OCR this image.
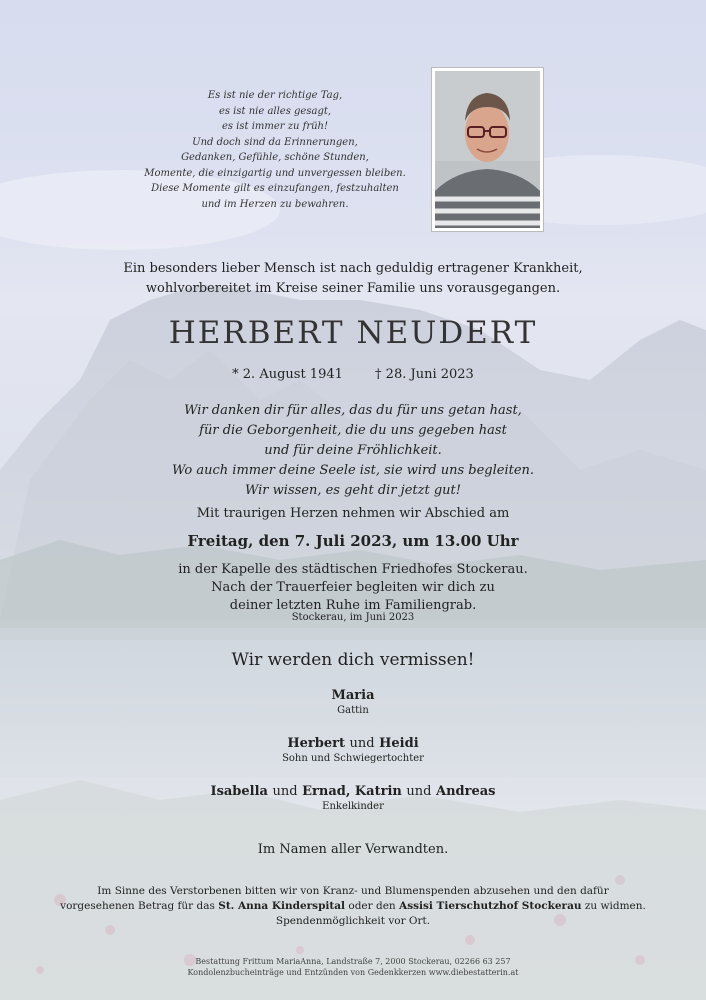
Es ist nie der richtige Tag,
es ist nie alles gesagt,
es ist immer zu früh!
Und doch sind da Erinnerungen,
Gedanken, Gefühle, schöne Stunden,
Momente, die einzigartig und unvergessen bleiben.
Diese Momente gilt es einzufangen, festzuhalten
und im Herzen zu bewahren.
Ein besonders lieber Mensch ist nach geduldig ertragener Krankheit,
wohlvorbereitet im Kreise seiner Familie uns vorausgegangen.
HERBERT NEUDERT
* 2. August 1941 † 28. Juni 2023
Wir danken dir für alles, das du für uns getan hast,
für die Geborgenheit, die du uns gegeben hast
und für deine Fröhlichkeit.
Wo auch immer deine Seele ist, sie wird uns begleiten.
Wir wissen, es geht dir jetzt gut!
Mit traurigen Herzen nehmen wir Abschied am
Freitag, den 7. Juli 2023, um 13.00 Uhr
in der Kapelle des städtischen Friedhofes Stockerau.
Nach der Trauerfeier begleiten wir dich zu
deiner letzten Ruhe im Familiengrab.
Stockerau, im Juni 2023
Wir werden dich vermissen!
Maria
Gattin
Herbert und Heidi
Sohn und Schwiegertochter
Isabella und Ernad, Katrin und Andreas
Enkelkinder
Im Namen aller Verwandten.
Im Sinne des Verstorbenen bitten wir von Kranz- und Blumenspenden abzusehen und den dafür
vorgesehenen Betrag für das St. Anna Kinderspital oder den Assisi Tierschutzhof Stockerau zu widmen.
Spendenmöglichkeit vor Ort.
Bestattung Frittum MariaAnna, Landstraße 7, 2000 Stockerau, 02266 63 257
Kondolenzbucheinträge und Entzünden von Gedenkkerzen www.diebestatterin.at
